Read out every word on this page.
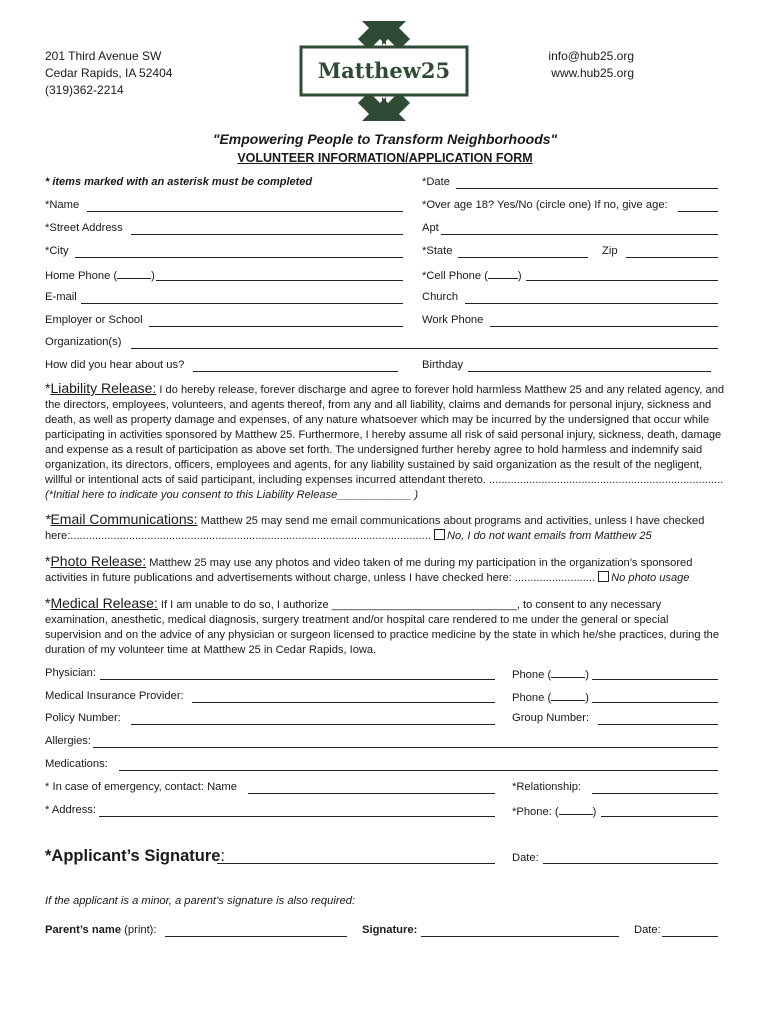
201 Third Avenue SW
Cedar Rapids, IA 52404
(319)362-2214
info@hub25.org
www.hub25.org
Matthew25
"Empowering People to Transform Neighborhoods"
VOLUNTEER INFORMATION/APPLICATION FORM
* items marked with an asterisk must be completed	*Date
*Name	*Over age 18? Yes/No (circle one) If no, give age:
*Street Address	Apt
*City	*State	Zip
Home Phone (	)	*Cell Phone (	)
E-mail	Church
Employer or School	Work Phone
Organization(s)
How did you hear about us?	Birthday
*Liability Release: I do hereby release, forever discharge and agree to forever hold harmless Matthew 25 and any related agency, and the directors, employees, volunteers, and agents thereof, from any and all liability, claims and demands for personal injury, sickness and death, as well as property damage and expenses, of any nature whatsoever which may be incurred by the undersigned that occur while participating in activities sponsored by Matthew 25. Furthermore, I hereby assume all risk of said personal injury, sickness, death, damage and expense as a result of participation as above set forth. The undersigned further hereby agree to hold harmless and indemnify said organization, its directors, officers, employees and agents, for any liability sustained by said organization as the result of the negligent, willful or intentional acts of said participant, including expenses incurred attendant thereto. ............................................................................ (*Initial here to indicate you consent to this Liability Release____________ )
*Email Communications: Matthew 25 may send me email communications about programs and activities, unless I have checked here:..................................................................................................................... No, I do not want emails from Matthew 25
*Photo Release: Matthew 25 may use any photos and video taken of me during my participation in the organization’s sponsored activities in future publications and advertisements without charge, unless I have checked here: .......................... No photo usage
*Medical Release: If I am unable to do so, I authorize ______________________________, to consent to any necessary examination, anesthetic, medical diagnosis, surgery treatment and/or hospital care rendered to me under the general or special supervision and on the advice of any physician or surgeon licensed to practice medicine by the state in which he/she practices, during the duration of my volunteer time at Matthew 25 in Cedar Rapids, Iowa.
Physician:	Phone (	)
Medical Insurance Provider:	Phone (	)
Policy Number:	Group Number:
Allergies:
Medications:
* In case of emergency, contact: Name	*Relationship:
* Address:	*Phone: (	)
*Applicant’s Signature:	Date:
If the applicant is a minor, a parent’s signature is also required:
Parent’s name (print):	Signature:	Date:
